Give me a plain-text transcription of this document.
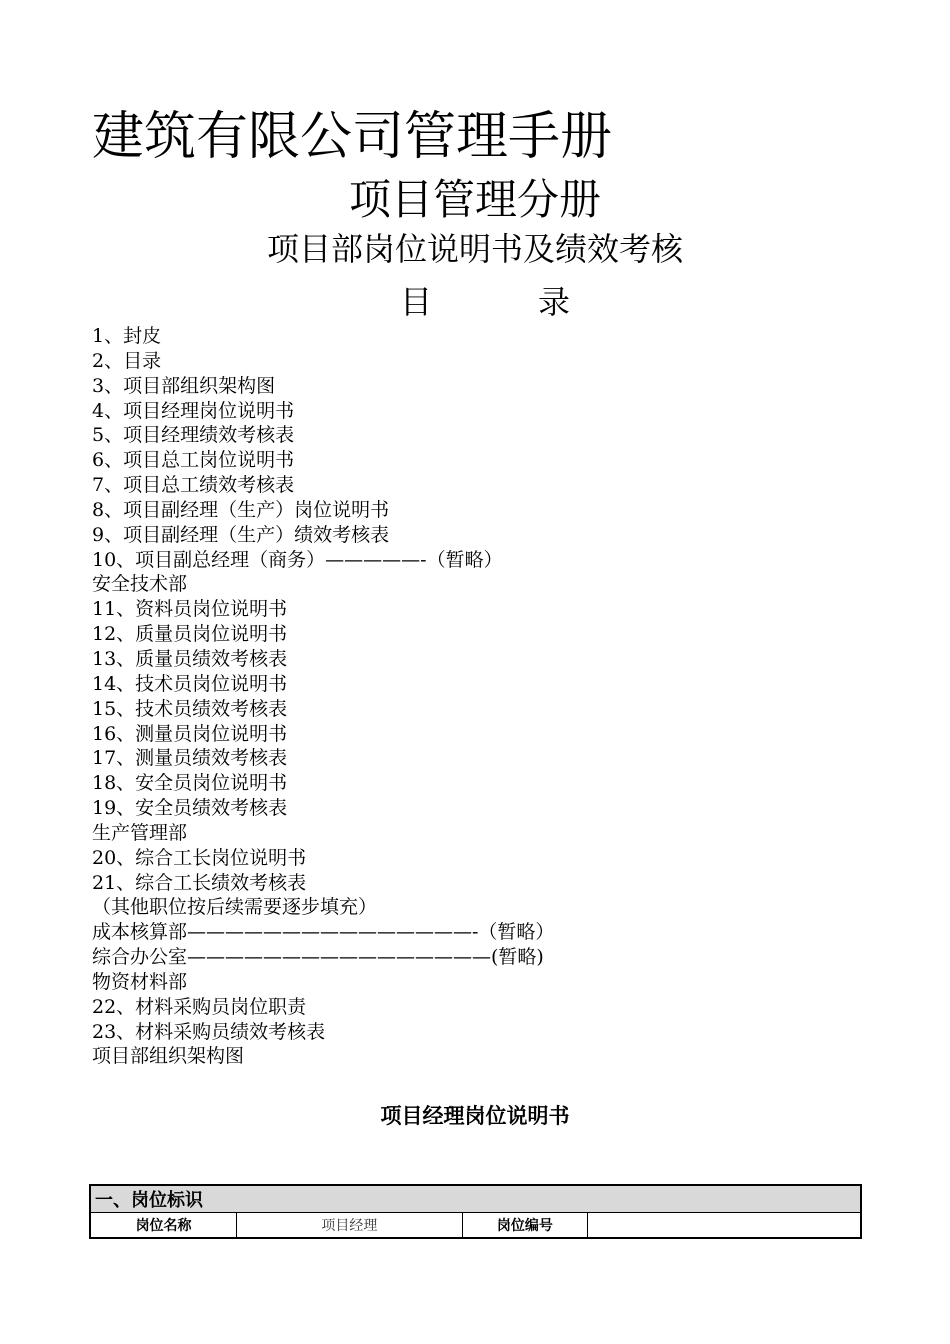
建筑有限公司管理手册
项目管理分册
项目部岗位说明书及绩效考核
目	录
1、封皮
2、目录
3、项目部组织架构图
4、项目经理岗位说明书
5、项目经理绩效考核表
6、项目总工岗位说明书
7、项目总工绩效考核表
8、项目副经理（生产）岗位说明书
9、项目副经理（生产）绩效考核表
10、项目副总经理（商务）—————-（暂略）
安全技术部
11、资料员岗位说明书
12、质量员岗位说明书
13、质量员绩效考核表
14、技术员岗位说明书
15、技术员绩效考核表
16、测量员岗位说明书
17、测量员绩效考核表
18、安全员岗位说明书
19、安全员绩效考核表
生产管理部
20、综合工长岗位说明书
21、综合工长绩效考核表
（其他职位按后续需要逐步填充）
成本核算部———————————————-（暂略）
综合办公室————————————————(暂略)
物资材料部
22、材料采购员岗位职责
23、材料采购员绩效考核表
项目部组织架构图
项目经理岗位说明书
一、岗位标识
岗位名称	项目经理	岗位编号	
